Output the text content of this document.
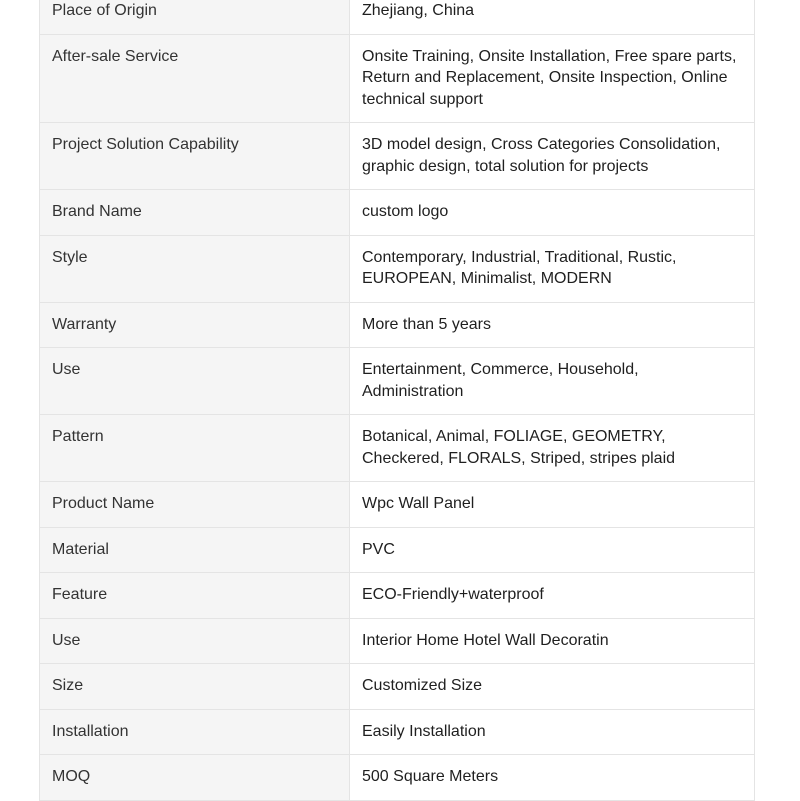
Place of Origin	Zhejiang, China
After-sale Service	Onsite Training, Onsite Installation, Free spare parts, Return and Replacement, Onsite Inspection, Online technical support
Project Solution Capability	3D model design, Cross Categories Consolidation, graphic design, total solution for projects
Brand Name	custom logo
Style	Contemporary, Industrial, Traditional, Rustic, EUROPEAN, Minimalist, MODERN
Warranty	More than 5 years
Use	Entertainment, Commerce, Household, Administration
Pattern	Botanical, Animal, FOLIAGE, GEOMETRY, Checkered, FLORALS, Striped, stripes plaid
Product Name	Wpc Wall Panel
Material	PVC
Feature	ECO-Friendly+waterproof
Use	Interior Home Hotel Wall Decoratin
Size	Customized Size
Installation	Easily Installation
MOQ	500 Square Meters
